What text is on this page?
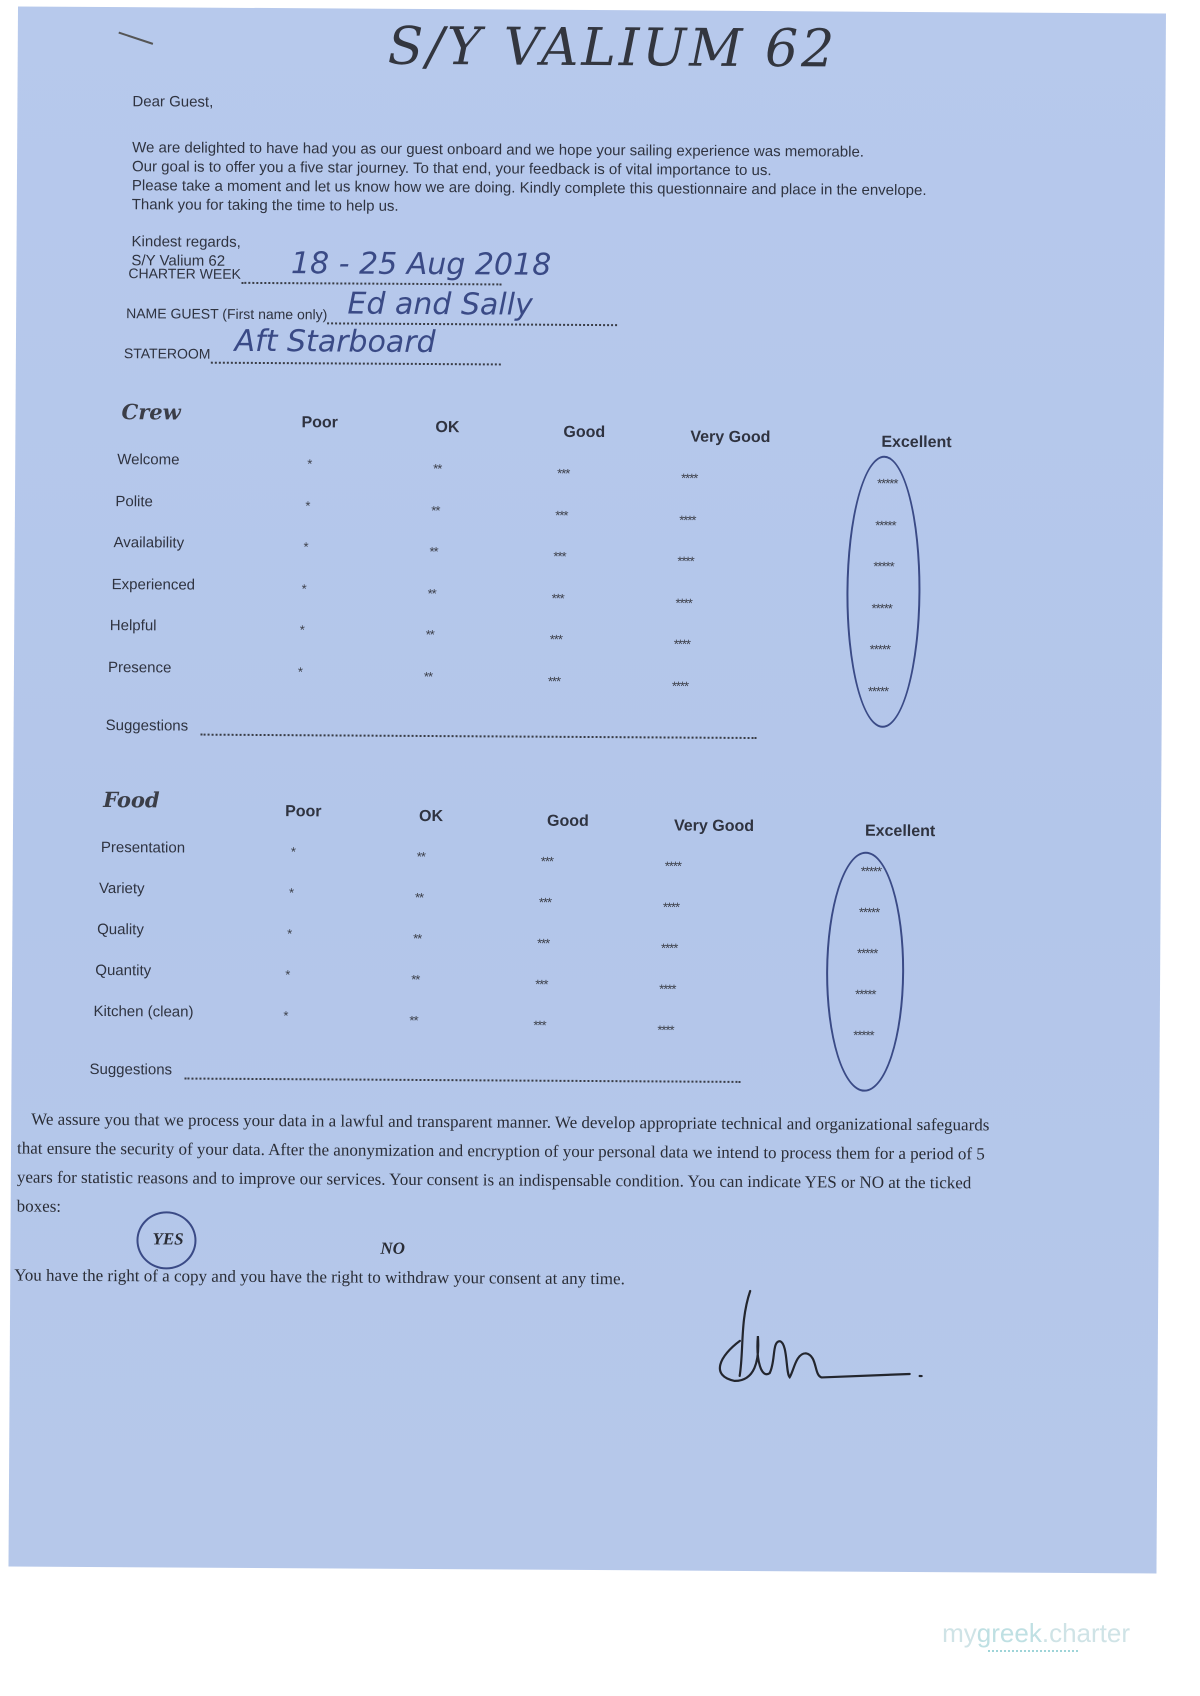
S/Y VALIUM 62
Dear Guest,
We are delighted to have had you as our guest onboard and we hope your sailing experience was memorable.
Our goal is to offer you a five star journey. To that end, your feedback is of vital importance to us.
Please take a moment and let us know how we are doing. Kindly complete this questionnaire and place in the envelope.
Thank you for taking the time to help us.
Kindest regards,
S/Y Valium 62
CHARTER WEEK 18 - 25 Aug 2018
NAME GUEST (First name only) Ed and Sally
STATEROOM Aft Starboard
Crew	Poor	OK	Good	Very Good	Excellent
Welcome	*	**	***	****	*****
Polite	*	**	***	****	*****
Availability	*	**	***	****	*****
Experienced	*	**	***	****	*****
Helpful	*	**	***	****	*****
Presence	*	**	***	****	*****
Suggestions
Food	Poor	OK	Good	Very Good	Excellent
Presentation	*	**	***	****	*****
Variety	*	**	***	****	*****
Quality	*	**	***	****	*****
Quantity	*	**	***	****	*****
Kitchen (clean)	*	**	***	****	*****
Suggestions
We assure you that we process your data in a lawful and transparent manner. We develop appropriate technical and organizational safeguards
that ensure the security of your data. After the anonymization and encryption of your personal data we intend to process them for a period of 5
years for statistic reasons and to improve our services. Your consent is an indispensable condition. You can indicate YES or NO at the ticked
boxes:
YES	NO
You have the right of a copy and you have the right to withdraw your consent at any time.
mygreek.charter
